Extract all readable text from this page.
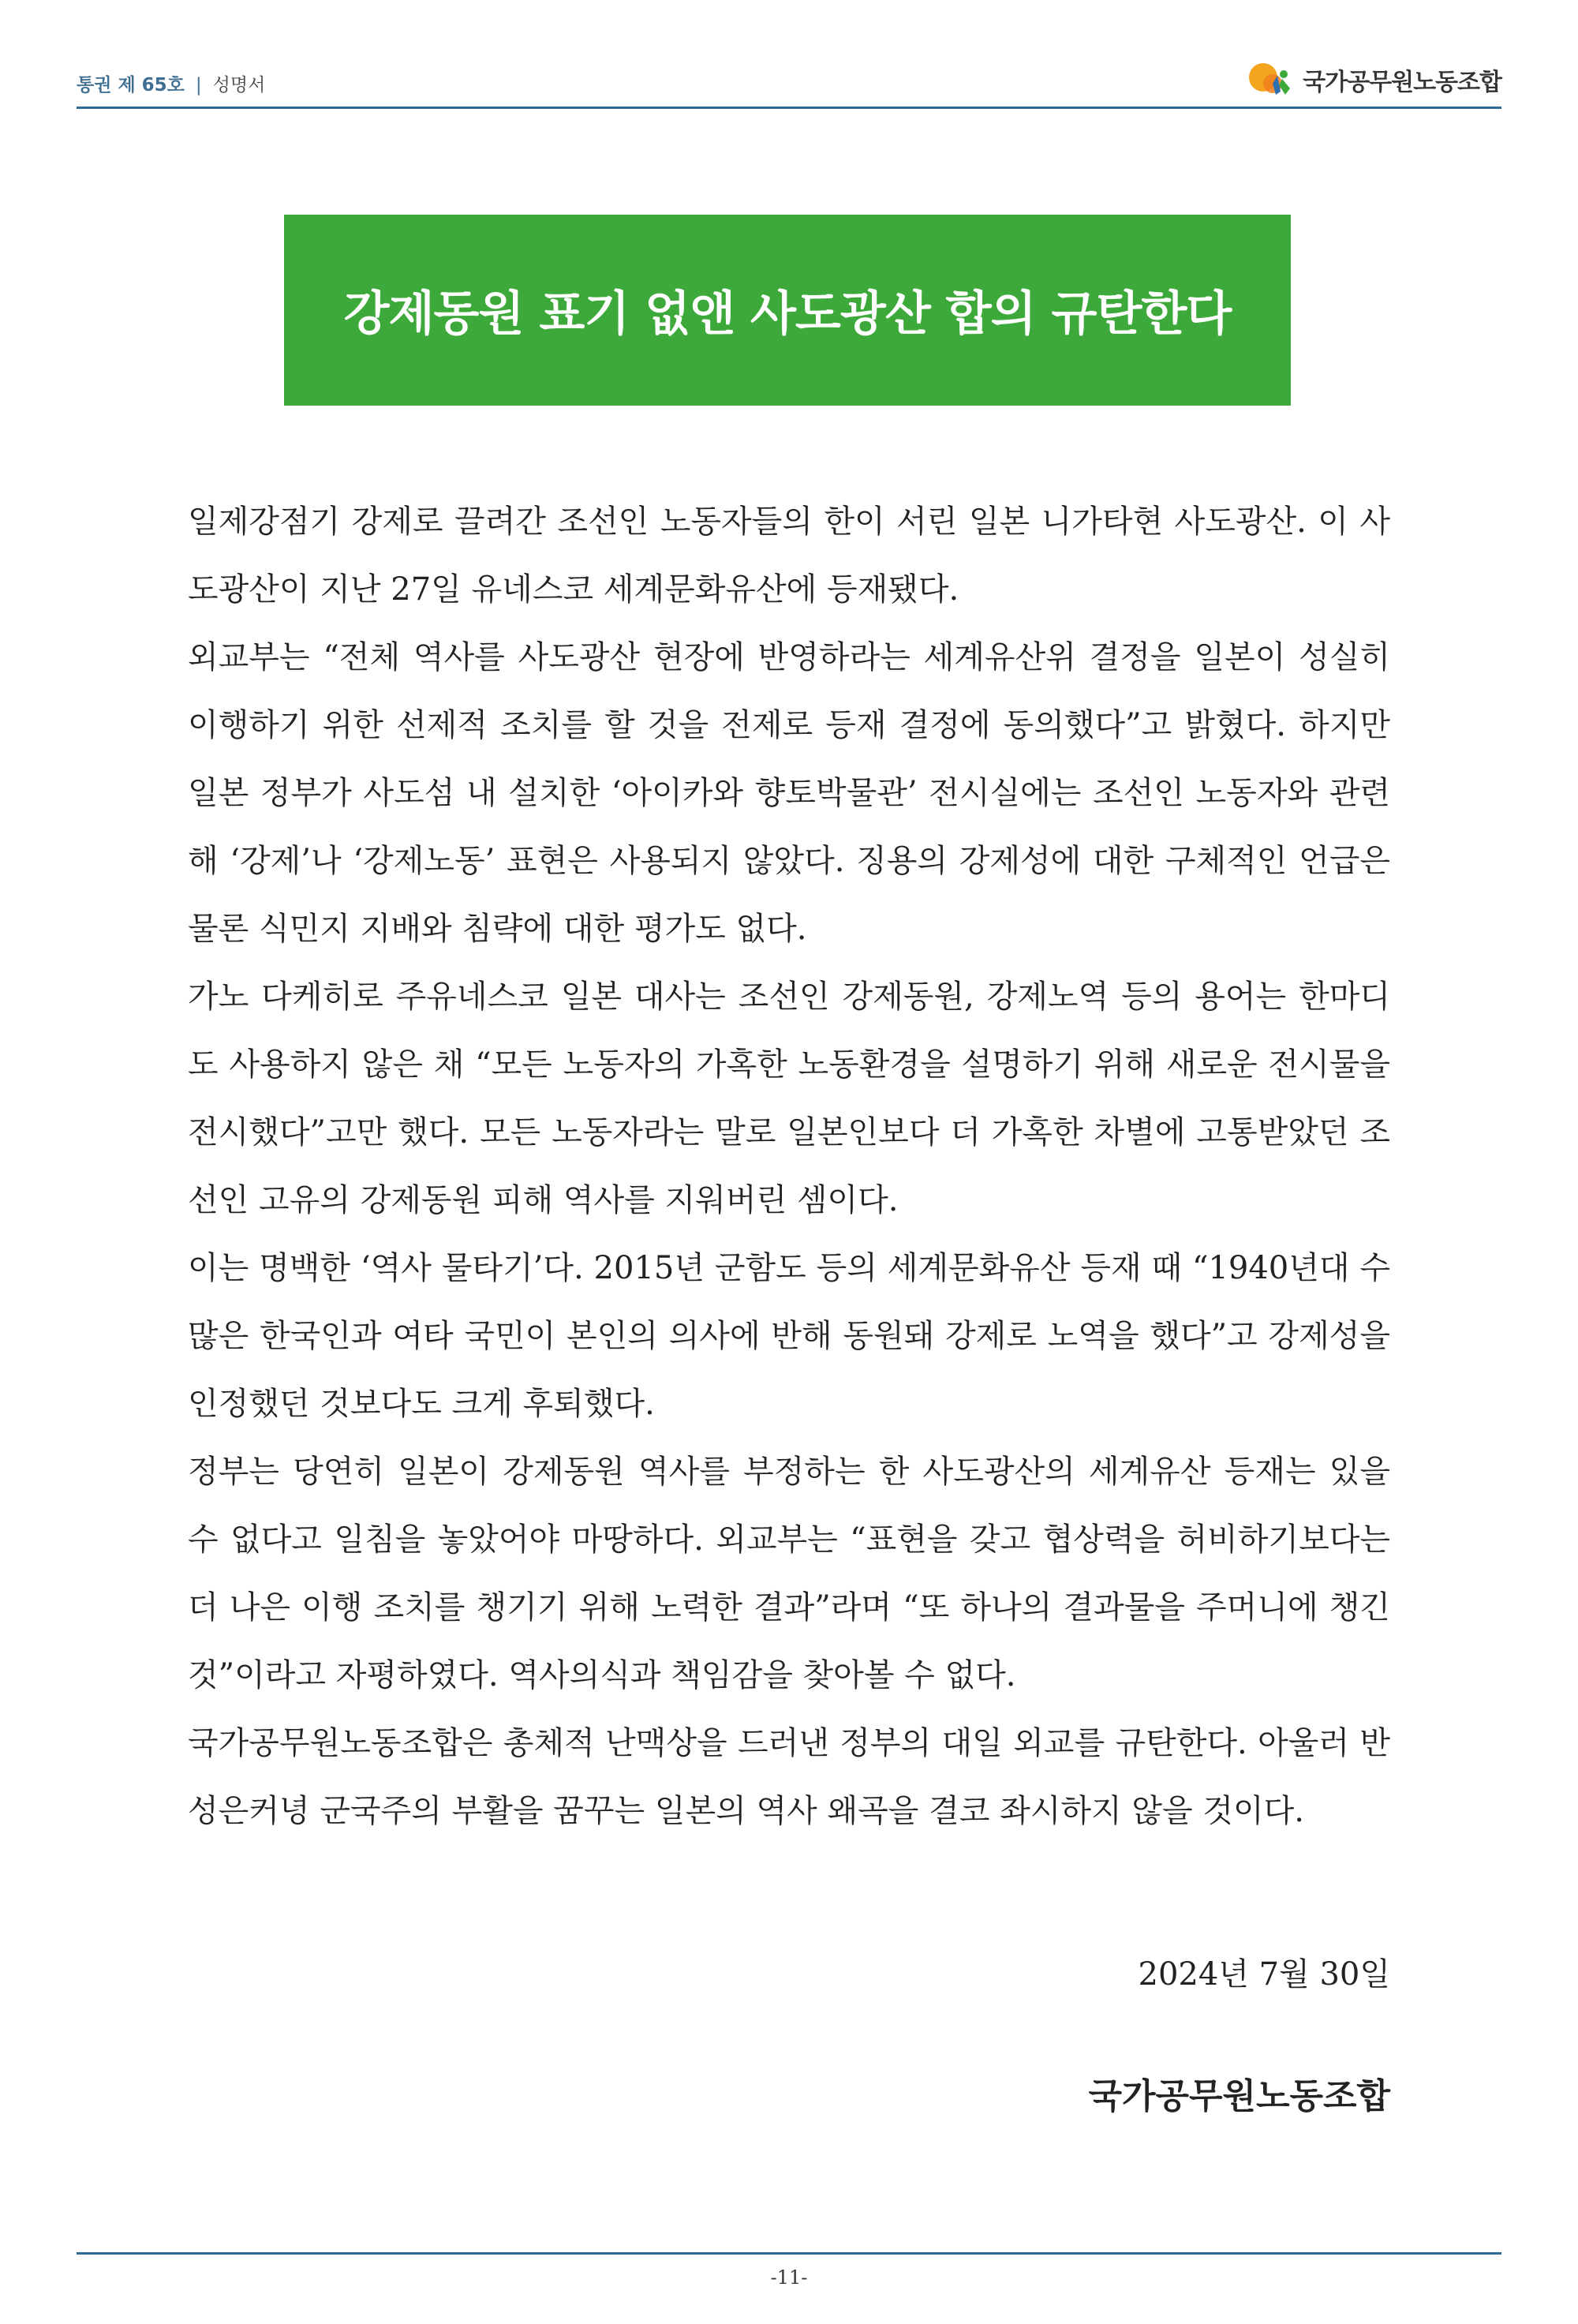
통권 제 65호 | 성명서	국가공무원노동조합
강제동원 표기 없앤 사도광산 합의 규탄한다

일제강점기 강제로 끌려간 조선인 노동자들의 한이 서린 일본 니가타현 사도광산. 이 사도광산이 지난 27일 유네스코 세계문화유산에 등재됐다.

외교부는 “전체 역사를 사도광산 현장에 반영하라는 세계유산위 결정을 일본이 성실히 이행하기 위한 선제적 조치를 할 것을 전제로 등재 결정에 동의했다”고 밝혔다. 하지만 일본 정부가 사도섬 내 설치한 ‘아이카와 향토박물관’ 전시실에는 조선인 노동자와 관련해 ‘강제’나 ‘강제노동’ 표현은 사용되지 않았다. 징용의 강제성에 대한 구체적인 언급은 물론 식민지 지배와 침략에 대한 평가도 없다.

가노 다케히로 주유네스코 일본 대사는 조선인 강제동원, 강제노역 등의 용어는 한마디도 사용하지 않은 채 “모든 노동자의 가혹한 노동환경을 설명하기 위해 새로운 전시물을 전시했다”고만 했다. 모든 노동자라는 말로 일본인보다 더 가혹한 차별에 고통받았던 조선인 고유의 강제동원 피해 역사를 지워버린 셈이다.

이는 명백한 ‘역사 물타기’다. 2015년 군함도 등의 세계문화유산 등재 때 “1940년대 수많은 한국인과 여타 국민이 본인의 의사에 반해 동원돼 강제로 노역을 했다”고 강제성을 인정했던 것보다도 크게 후퇴했다.

정부는 당연히 일본이 강제동원 역사를 부정하는 한 사도광산의 세계유산 등재는 있을 수 없다고 일침을 놓았어야 마땅하다. 외교부는 “표현을 갖고 협상력을 허비하기보다는 더 나은 이행 조치를 챙기기 위해 노력한 결과”라며 “또 하나의 결과물을 주머니에 챙긴 것”이라고 자평하였다. 역사의식과 책임감을 찾아볼 수 없다.

국가공무원노동조합은 총체적 난맥상을 드러낸 정부의 대일 외교를 규탄한다. 아울러 반성은커녕 군국주의 부활을 꿈꾸는 일본의 역사 왜곡을 결코 좌시하지 않을 것이다.

2024년 7월 30일
국가공무원노동조합
-11-
